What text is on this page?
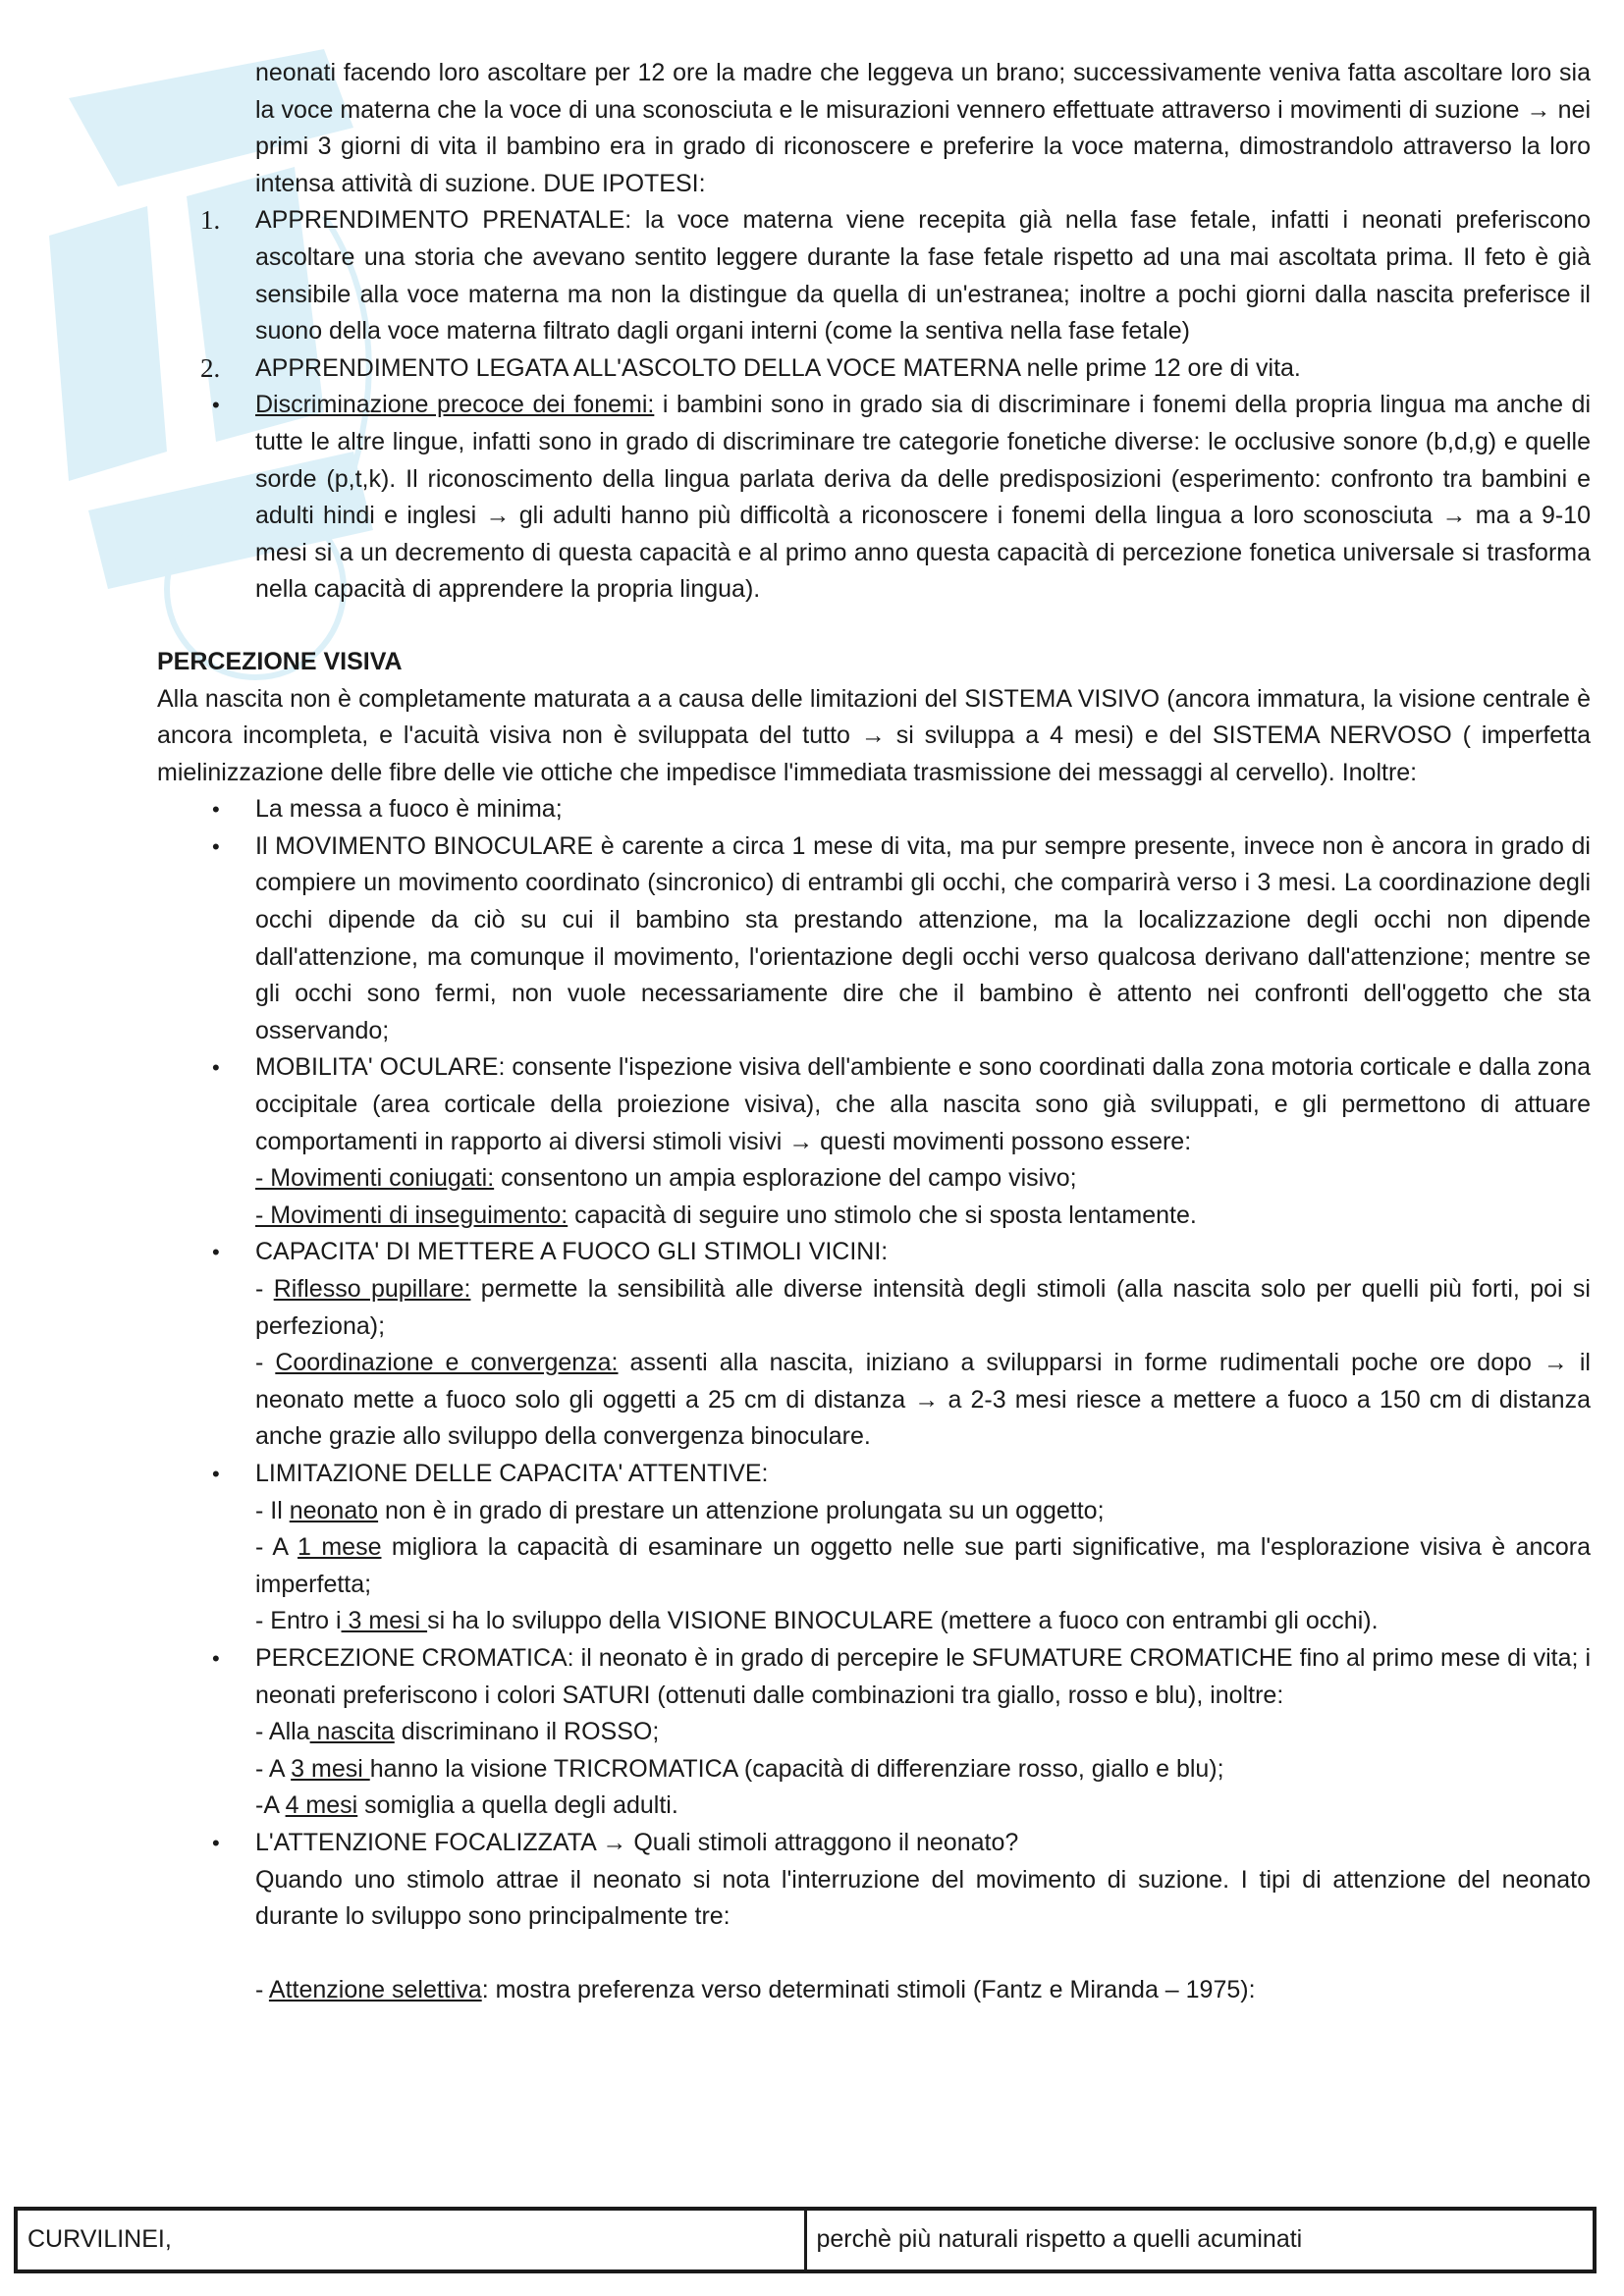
neonati facendo loro ascoltare per 12 ore la madre che leggeva un brano; successivamente veniva fatta ascoltare loro sia la voce materna che la voce di una sconosciuta e le misurazioni vennero effettuate attraverso i movimenti di suzione → nei primi 3 giorni di vita il bambino era in grado di riconoscere e preferire la voce materna, dimostrandolo attraverso la loro intensa attività di suzione. DUE IPOTESI:

1. APPRENDIMENTO PRENATALE: la voce materna viene recepita già nella fase fetale, infatti i neonati preferiscono ascoltare una storia che avevano sentito leggere durante la fase fetale rispetto ad una mai ascoltata prima. Il feto è già sensibile alla voce materna ma non la distingue da quella di un'estranea; inoltre a pochi giorni dalla nascita preferisce il suono della voce materna filtrato dagli organi interni (come la sentiva nella fase fetale)
2. APPRENDIMENTO LEGATA ALL'ASCOLTO DELLA VOCE MATERNA nelle prime 12 ore di vita.
• Discriminazione precoce dei fonemi: i bambini sono in grado sia di discriminare i fonemi della propria lingua ma anche di tutte le altre lingue, infatti sono in grado di discriminare tre categorie fonetiche diverse: le occlusive sonore (b,d,g) e quelle sorde (p,t,k). Il riconoscimento della lingua parlata deriva da delle predisposizioni (esperimento: confronto tra bambini e adulti hindi e inglesi → gli adulti hanno più difficoltà a riconoscere i fonemi della lingua a loro sconosciuta → ma a 9-10 mesi si a un decremento di questa capacità e al primo anno questa capacità di percezione fonetica universale si trasforma nella capacità di apprendere la propria lingua).

PERCEZIONE VISIVA

Alla nascita non è completamente maturata a a causa delle limitazioni del SISTEMA VISIVO (ancora immatura, la visione centrale è ancora incompleta, e l'acuità visiva non è sviluppata del tutto → si sviluppa a 4 mesi) e del SISTEMA NERVOSO ( imperfetta mielinizzazione delle fibre delle vie ottiche che impedisce l'immediata trasmissione dei messaggi al cervello). Inoltre:

• La messa a fuoco è minima;
• Il MOVIMENTO BINOCULARE è carente a circa 1 mese di vita, ma pur sempre presente, invece non è ancora in grado di compiere un movimento coordinato (sincronico) di entrambi gli occhi, che comparirà verso i 3 mesi. La coordinazione degli occhi dipende da ciò su cui il bambino sta prestando attenzione, ma la localizzazione degli occhi non dipende dall'attenzione, ma comunque il movimento, l'orientazione degli occhi verso qualcosa derivano dall'attenzione; mentre se gli occhi sono fermi, non vuole necessariamente dire che il bambino è attento nei confronti dell'oggetto che sta osservando;
• MOBILITA' OCULARE: consente l'ispezione visiva dell'ambiente e sono coordinati dalla zona motoria corticale e dalla zona occipitale (area corticale della proiezione visiva), che alla nascita sono già sviluppati, e gli permettono di attuare comportamenti in rapporto ai diversi stimoli visivi → questi movimenti possono essere:
- Movimenti coniugati: consentono un ampia esplorazione del campo visivo;
- Movimenti di inseguimento: capacità di seguire uno stimolo che si sposta lentamente.
• CAPACITA' DI METTERE A FUOCO GLI STIMOLI VICINI:
- Riflesso pupillare: permette la sensibilità alle diverse intensità degli stimoli (alla nascita solo per quelli più forti, poi si perfeziona);
- Coordinazione e convergenza: assenti alla nascita, iniziano a svilupparsi in forme rudimentali poche ore dopo → il neonato mette a fuoco solo gli oggetti a 25 cm di distanza → a 2-3 mesi riesce a mettere a fuoco a 150 cm di distanza anche grazie allo sviluppo della convergenza binoculare.
• LIMITAZIONE DELLE CAPACITA' ATTENTIVE:
- Il neonato non è in grado di prestare un attenzione prolungata su un oggetto;
- A 1 mese migliora la capacità di esaminare un oggetto nelle sue parti significative, ma l'esplorazione visiva è ancora imperfetta;
- Entro i 3 mesi si ha lo sviluppo della VISIONE BINOCULARE (mettere a fuoco con entrambi gli occhi).
• PERCEZIONE CROMATICA: il neonato è in grado di percepire le SFUMATURE CROMATICHE fino al primo mese di vita; i neonati preferiscono i colori SATURI (ottenuti dalle combinazioni tra giallo, rosso e blu), inoltre:
- Alla nascita discriminano il ROSSO;
- A 3 mesi hanno la visione TRICROMATICA (capacità di differenziare rosso, giallo e blu);
-A 4 mesi somiglia a quella degli adulti.
• L'ATTENZIONE FOCALIZZATA → Quali stimoli attraggono il neonato?
Quando uno stimolo attrae il neonato si nota l'interruzione del movimento di suzione. I tipi di attenzione del neonato durante lo sviluppo sono principalmente tre:
- Attenzione selettiva: mostra preferenza verso determinati stimoli (Fantz e Miranda – 1975):
CURVILINEI,	perchè più naturali rispetto a quelli acuminati
